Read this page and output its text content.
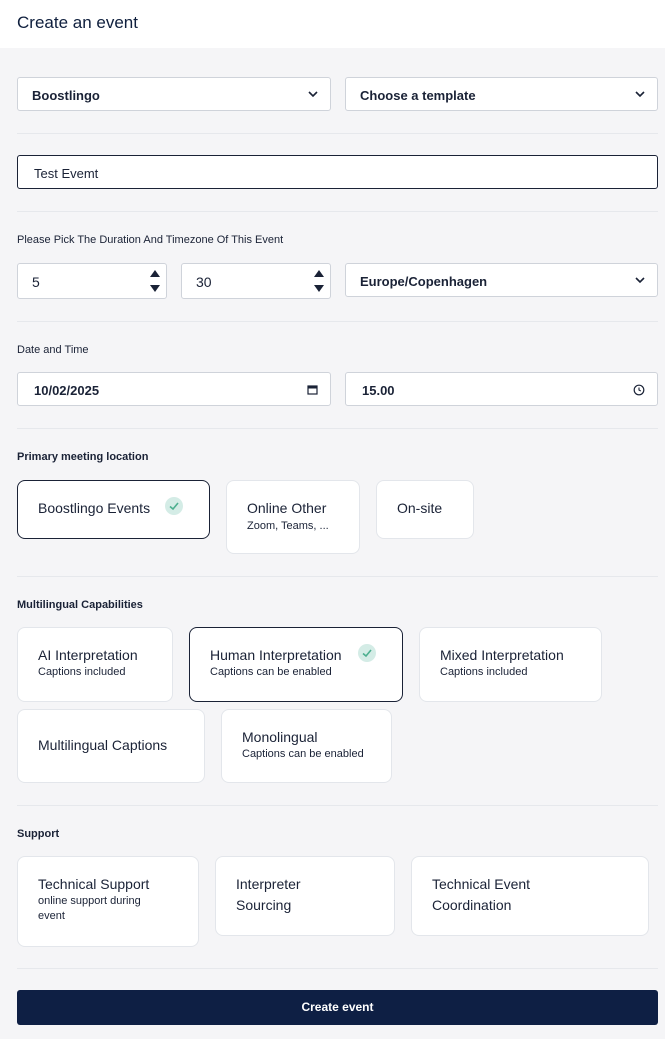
Create an event
Boostlingo	Choose a template
Test Evemt
Please Pick The Duration And Timezone Of This Event
5	30	Europe/Copenhagen
Date and Time
10/02/2025	15.00
Primary meeting location
Boostlingo Events	Online Other
Zoom, Teams, ...
On-site
Multilingual Capabilities
AI Interpretation
Captions included
Human Interpretation
Captions can be enabled
Mixed Interpretation
Captions included
Multilingual Captions	Monolingual
Captions can be enabled
Support
Technical Support
online support during
event
Interpreter
Sourcing
Technical Event
Coordination
Create event
